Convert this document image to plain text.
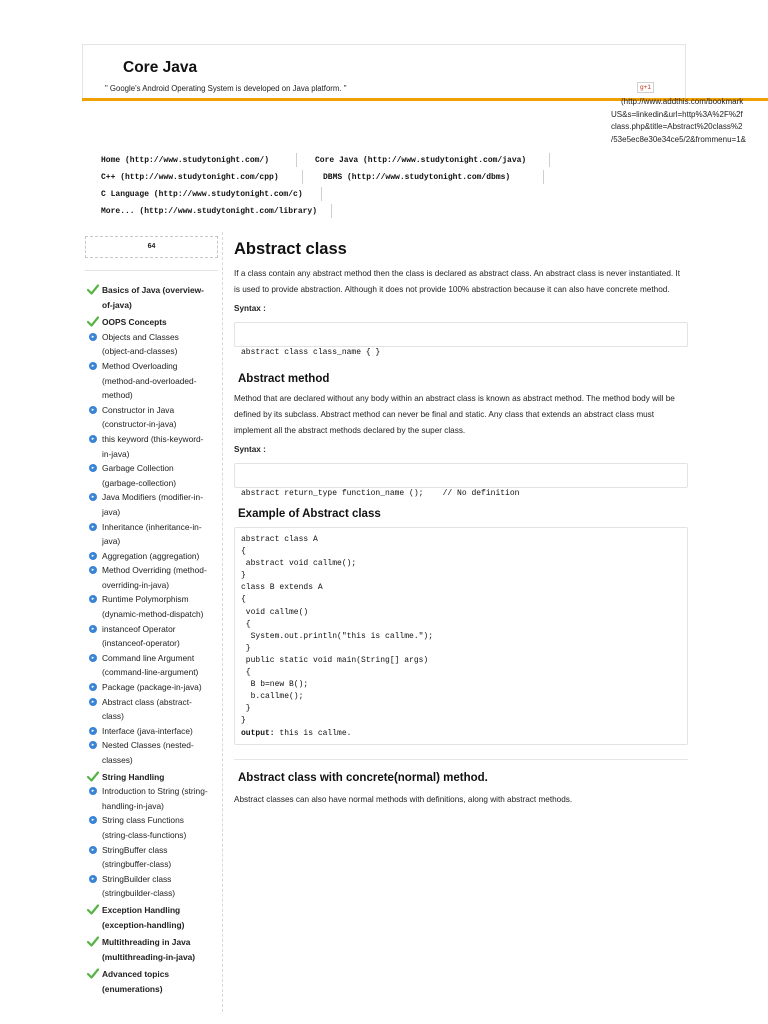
Core Java
" Google's Android Operating System is developed on Java platform. "	g+1
(http://www.addthis.com/bookmark
US&s=linkedin&url=http%3A%2F%2f
class.php&title=Abstract%20class%2
/53e5ec8e30e34ce5/2&frommenu=1&
Home (http://www.studytonight.com/)	Core Java (http://www.studytonight.com/java)
C++ (http://www.studytonight.com/cpp)	DBMS (http://www.studytonight.com/dbms)
C Language (http://www.studytonight.com/c)
More... (http://www.studytonight.com/library)
64
Basics of Java (overview-
of-java)
OOPS Concepts
▸ Objects and Classes
(object-and-classes)
▸ Method Overloading
(method-and-overloaded-
method)
▸ Constructor in Java
(constructor-in-java)
▸ this keyword (this-keyword-
in-java)
▸ Garbage Collection
(garbage-collection)
▸ Java Modifiers (modifier-in-
java)
▸ Inheritance (inheritance-in-
java)
▸ Aggregation (aggregation)
▸ Method Overriding (method-
overriding-in-java)
▸ Runtime Polymorphism
(dynamic-method-dispatch)
▸ instanceof Operator
(instanceof-operator)
▸ Command line Argument
(command-line-argument)
▸ Package (package-in-java)
▸ Abstract class (abstract-
class)
▸ Interface (java-interface)
▸ Nested Classes (nested-
classes)
String Handling
▸ Introduction to String (string-
handling-in-java)
▸ String class Functions
(string-class-functions)
▸ StringBuffer class
(stringbuffer-class)
▸ StringBuilder class
(stringbuilder-class)
Exception Handling
(exception-handling)
Multithreading in Java
(multithreading-in-java)
Advanced topics
(enumerations)
Abstract class
If a class contain any abstract method then the class is declared as abstract class. An abstract class is never instantiated. It is used to provide abstraction. Although it does not provide 100% abstraction because it can also have concrete method.
Syntax :

abstract class class_name { }

Abstract method
Method that are declared without any body within an abstract class is known as abstract method. The method body will be defined by its subclass. Abstract method can never be final and static. Any class that extends an abstract class must implement all the abstract methods declared by the super class.
Syntax :

abstract return_type function_name ();    // No definition

Example of Abstract class
abstract class A
{
abstract void callme();
}
class B extends A
{
void callme()
{
System.out.println("this is callme.");
}
public static void main(String[] args)
{
B b=new B();
b.callme();
}
}
output: this is callme.
Abstract class with concrete(normal) method.
Abstract classes can also have normal methods with definitions, along with abstract methods.
